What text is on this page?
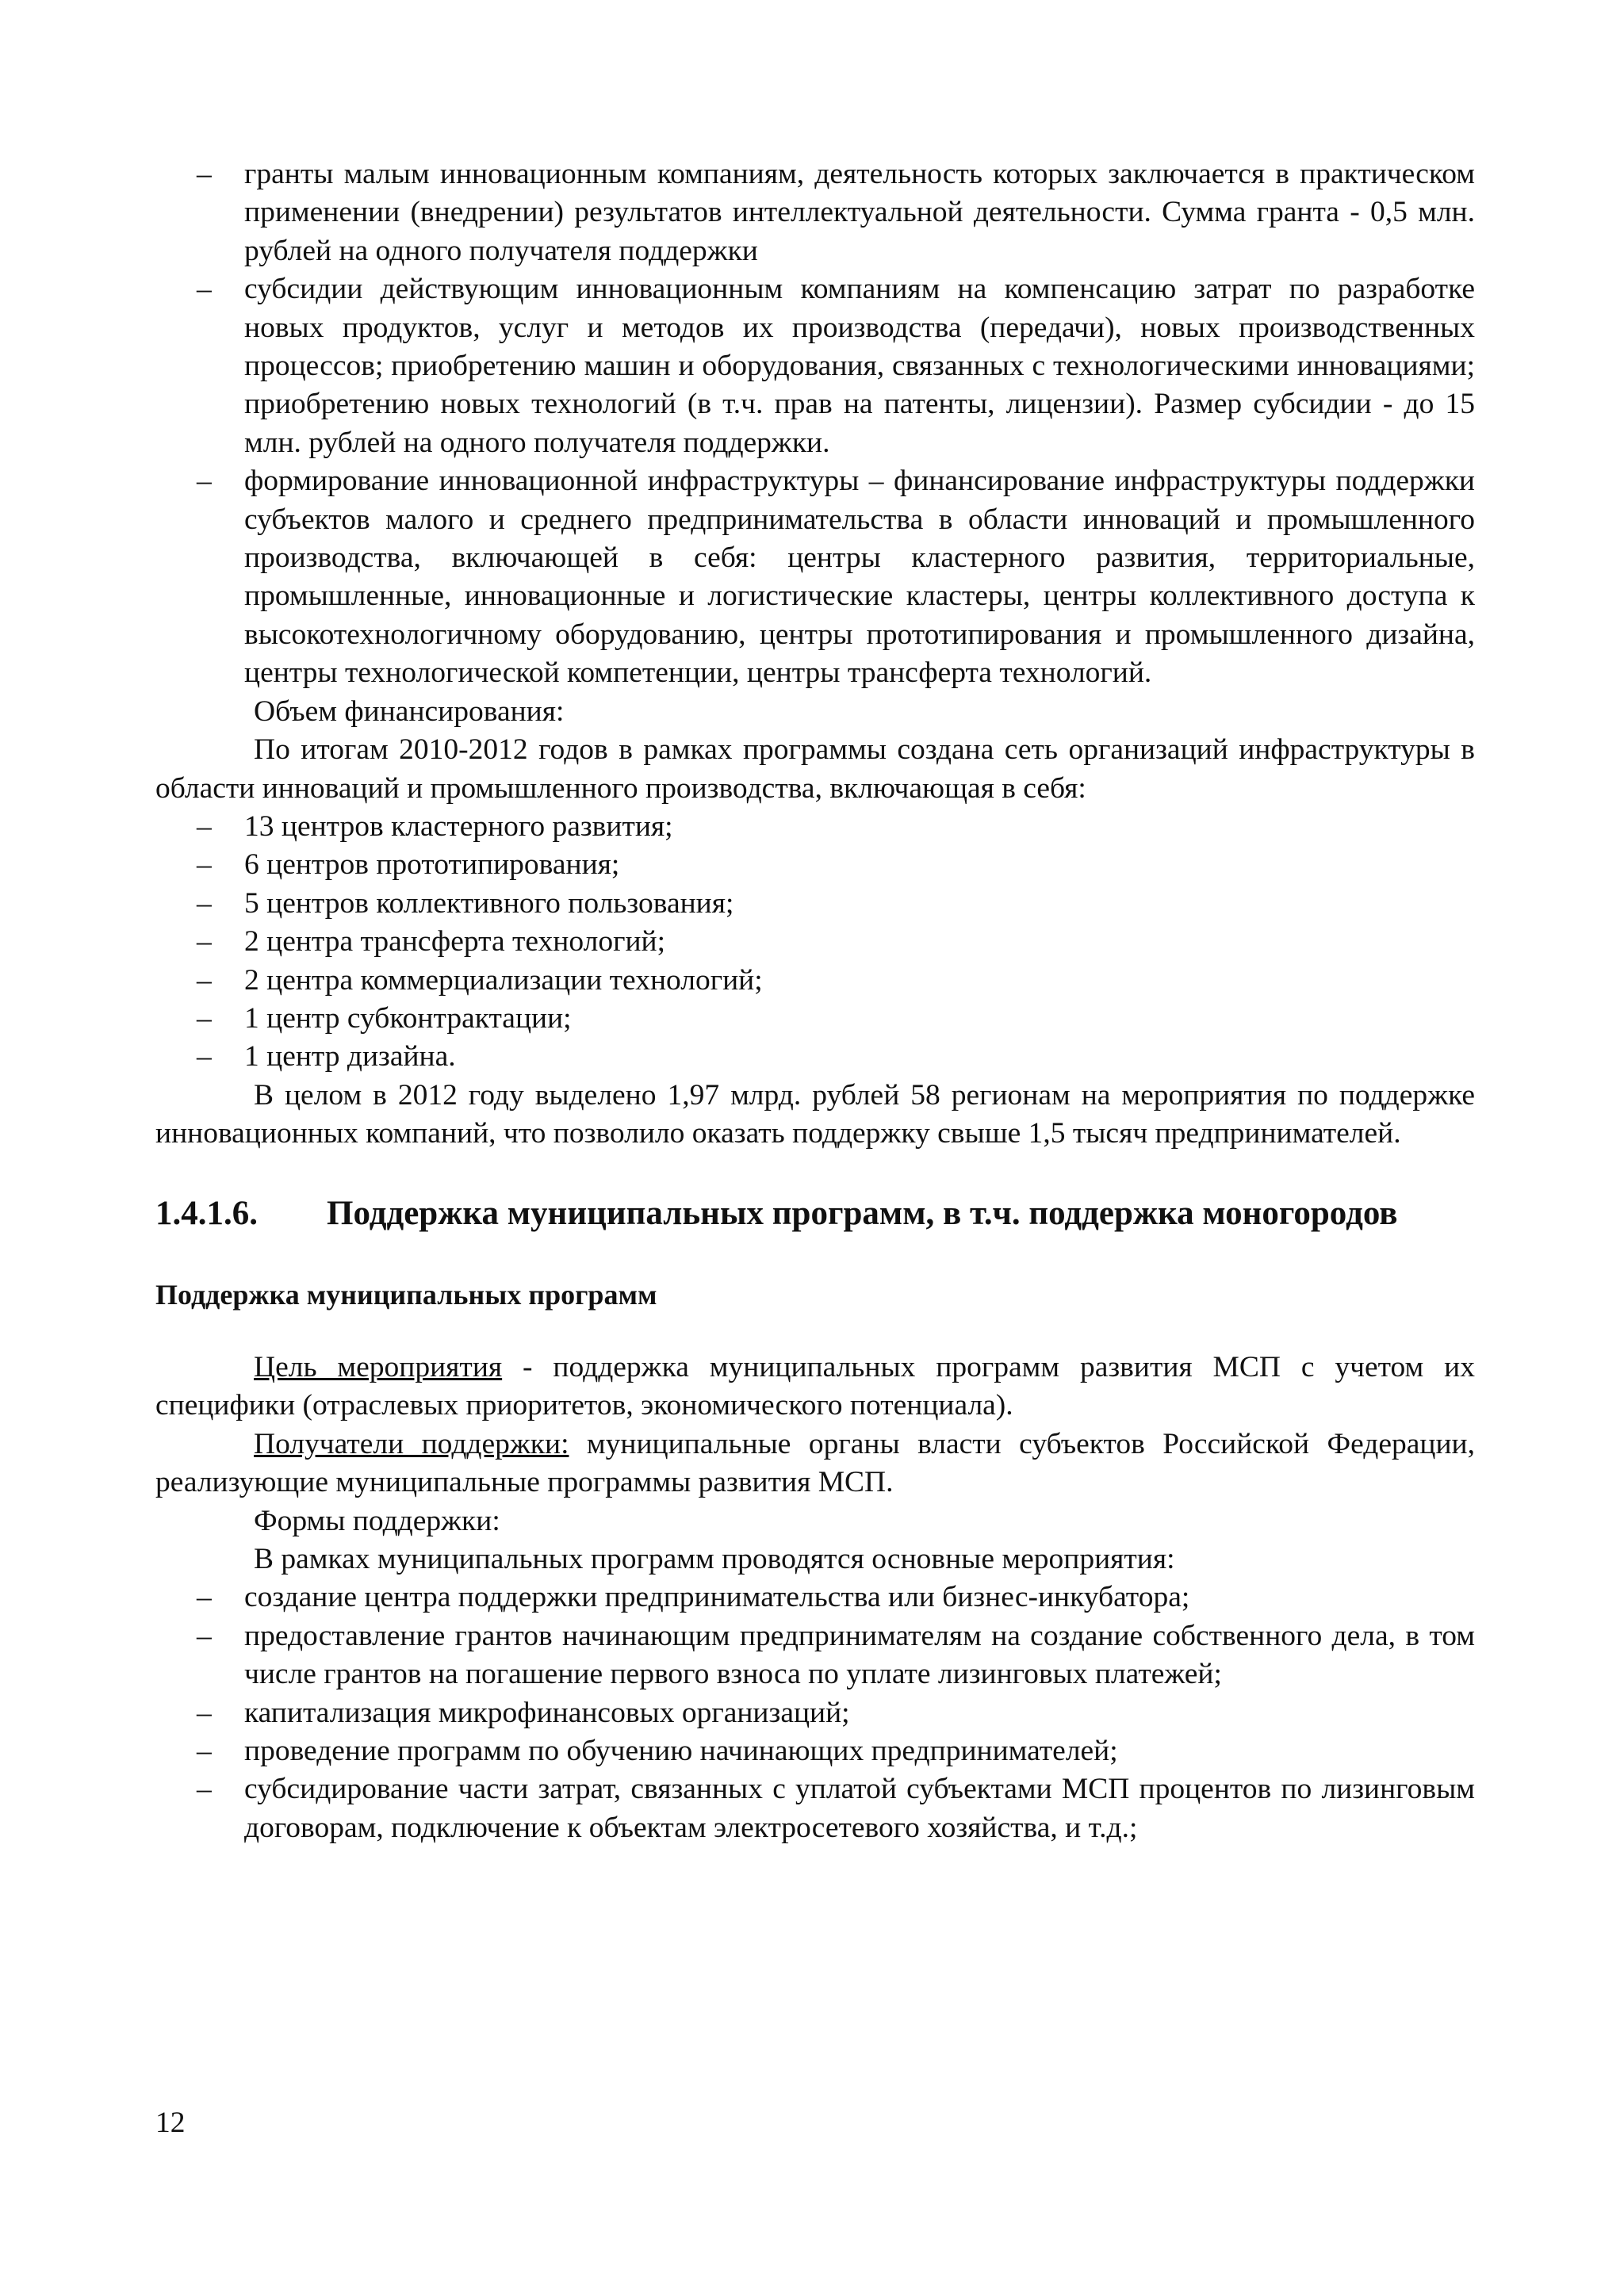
–	гранты малым инновационным компаниям, деятельность которых заключается в практическом применении (внедрении) результатов интеллектуальной деятельности. Сумма гранта - 0,5 млн. рублей на одного получателя поддержки
–	субсидии действующим инновационным компаниям на компенсацию затрат по разработке новых продуктов, услуг и методов их производства (передачи), новых производственных процессов; приобретению машин и оборудования, связанных с технологическими инновациями; приобретению новых технологий (в т.ч. прав на патенты, лицензии). Размер субсидии - до 15 млн. рублей на одного получателя поддержки.
–	формирование инновационной инфраструктуры – финансирование инфраструктуры поддержки субъектов малого и среднего предпринимательства в области инноваций и промышленного производства, включающей в себя: центры кластерного развития, территориальные, промышленные, инновационные и логистические кластеры, центры коллективного доступа к высокотехнологичному оборудованию, центры прототипирования и промышленного дизайна, центры технологической компетенции, центры трансферта технологий.

Объем финансирования:

По итогам 2010-2012 годов в рамках программы создана сеть организаций инфраструктуры в области инноваций и промышленного производства, включающая в себя:

–	13 центров кластерного развития;
–	6 центров прототипирования;
–	5 центров коллективного пользования;
–	2 центра трансферта технологий;
–	2 центра коммерциализации технологий;
–	1 центр субконтрактации;
–	1 центр дизайна.

В целом в 2012 году выделено 1,97 млрд. рублей 58 регионам на мероприятия по поддержке инновационных компаний, что позволило оказать поддержку свыше 1,5 тысяч предпринимателей.

1.4.1.6.	Поддержка муниципальных программ, в т.ч. поддержка моногородов

Поддержка муниципальных программ

Цель мероприятия - поддержка муниципальных программ развития МСП с учетом их специфики (отраслевых приоритетов, экономического потенциала).

Получатели поддержки: муниципальные органы власти субъектов Российской Федерации, реализующие муниципальные программы развития МСП.

Формы поддержки:

В рамках муниципальных программ проводятся основные мероприятия:

–	создание центра поддержки предпринимательства или бизнес-инкубатора;
–	предоставление грантов начинающим предпринимателям на создание собственного дела, в том числе грантов на погашение первого взноса по уплате лизинговых платежей;
–	капитализация микрофинансовых организаций;
–	проведение программ по обучению начинающих предпринимателей;
–	субсидирование части затрат, связанных с уплатой субъектами МСП процентов по лизинговым договорам, подключение к объектам электросетевого хозяйства, и т.д.;
12
